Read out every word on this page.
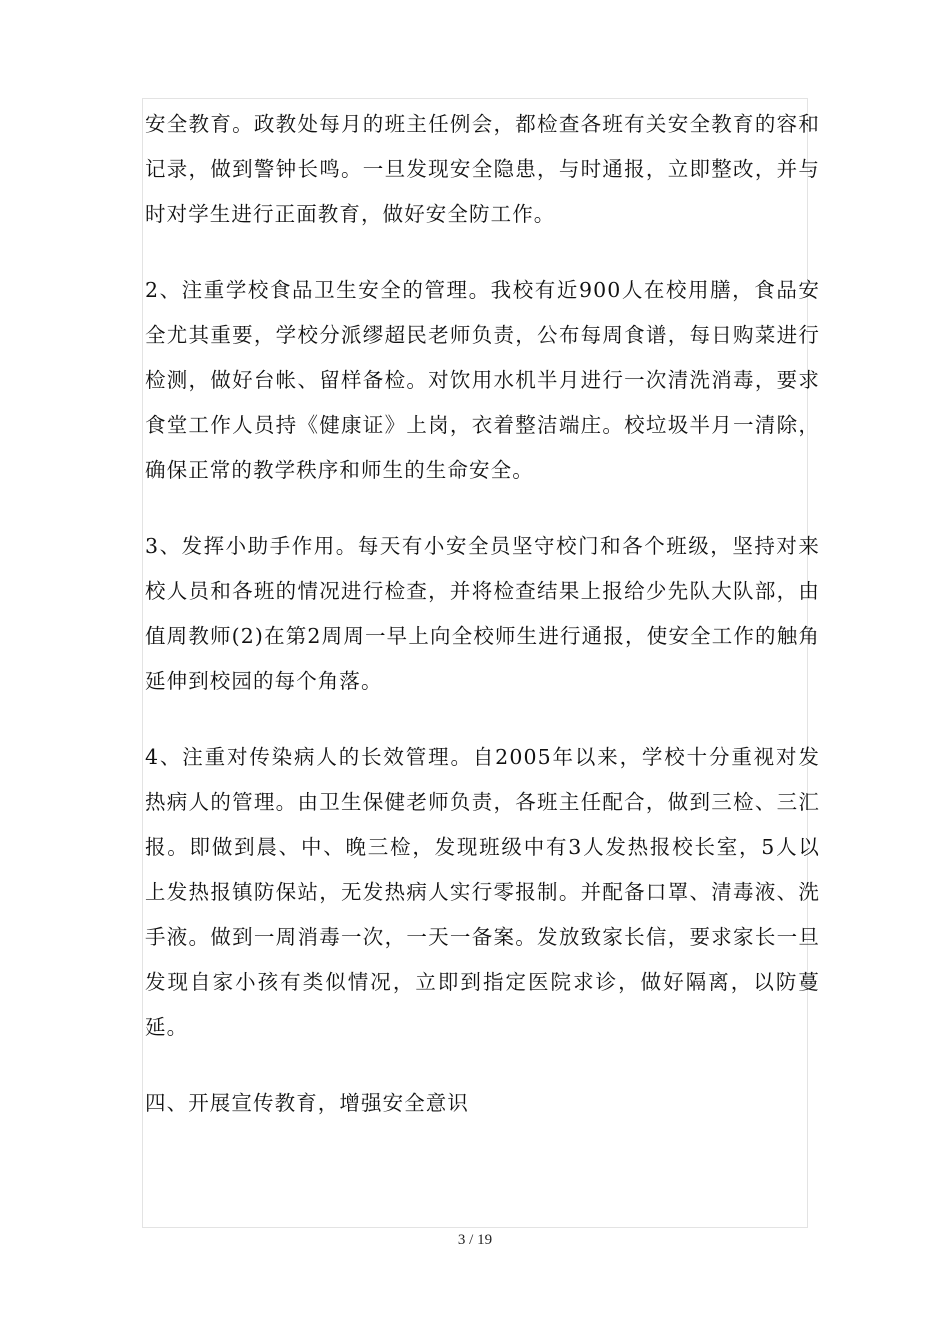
安全教育。政教处每月的班主任例会，都检查各班有关安全教育的容和记录，做到警钟长鸣。一旦发现安全隐患，与时通报，立即整改，并与时对学生进行正面教育，做好安全防工作。

2、注重学校食品卫生安全的管理。我校有近900人在校用膳，食品安全尤其重要，学校分派缪超民老师负责，公布每周食谱，每日购菜进行检测，做好台帐、留样备检。对饮用水机半月进行一次清洗消毒，要求食堂工作人员持《健康证》上岗，衣着整洁端庄。校垃圾半月一清除，确保正常的教学秩序和师生的生命安全。

3、发挥小助手作用。每天有小安全员坚守校门和各个班级，坚持对来校人员和各班的情况进行检查，并将检查结果上报给少先队大队部，由值周教师(2)在第2周周一早上向全校师生进行通报，使安全工作的触角延伸到校园的每个角落。

4、注重对传染病人的长效管理。自2005年以来，学校十分重视对发热病人的管理。由卫生保健老师负责，各班主任配合，做到三检、三汇报。即做到晨、中、晚三检，发现班级中有3人发热报校长室，5人以上发热报镇防保站，无发热病人实行零报制。并配备口罩、清毒液、洗手液。做到一周消毒一次，一天一备案。发放致家长信，要求家长一旦发现自家小孩有类似情况，立即到指定医院求诊，做好隔离，以防蔓延。

四、开展宣传教育，增强安全意识

3 / 19
